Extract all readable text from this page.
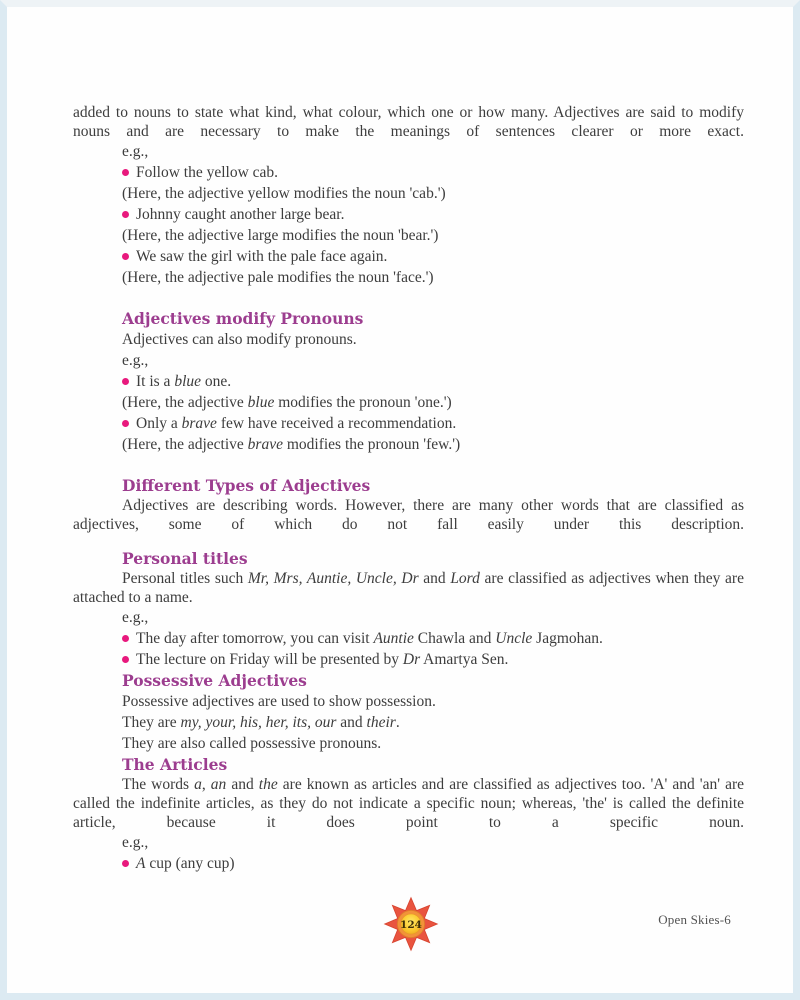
added to nouns to state what kind, what colour, which one or how many. Adjectives are said to modify nouns and are necessary to make the meanings of sentences clearer or more exact.

e.g.,
Follow the yellow cab.
(Here, the adjective yellow modifies the noun 'cab.')
Johnny caught another large bear.
(Here, the adjective large modifies the noun 'bear.')
We saw the girl with the pale face again.
(Here, the adjective pale modifies the noun 'face.')
Adjectives modify Pronouns
Adjectives can also modify pronouns.
e.g.,
It is a blue one.
(Here, the adjective blue modifies the pronoun 'one.')
Only a brave few have received a recommendation.
(Here, the adjective brave modifies the pronoun 'few.')
Different Types of Adjectives

Adjectives are describing words. However, there are many other words that are classified as adjectives, some of which do not fall easily under this description.

Personal titles

Personal titles such Mr, Mrs, Auntie, Uncle, Dr and Lord are classified as adjectives when they are attached to a name.

e.g.,
The day after tomorrow, you can visit Auntie Chawla and Uncle Jagmohan.
The lecture on Friday will be presented by Dr Amartya Sen.
Possessive Adjectives
Possessive adjectives are used to show possession.
They are my, your, his, her, its, our and their.
They are also called possessive pronouns.
The Articles

The words a, an and the are known as articles and are classified as adjectives too. 'A' and 'an' are called the indefinite articles, as they do not indicate a specific noun; whereas, 'the' is called the definite article, because it does point to a specific noun.

e.g.,
A cup (any cup)
124	Open Skies-6
